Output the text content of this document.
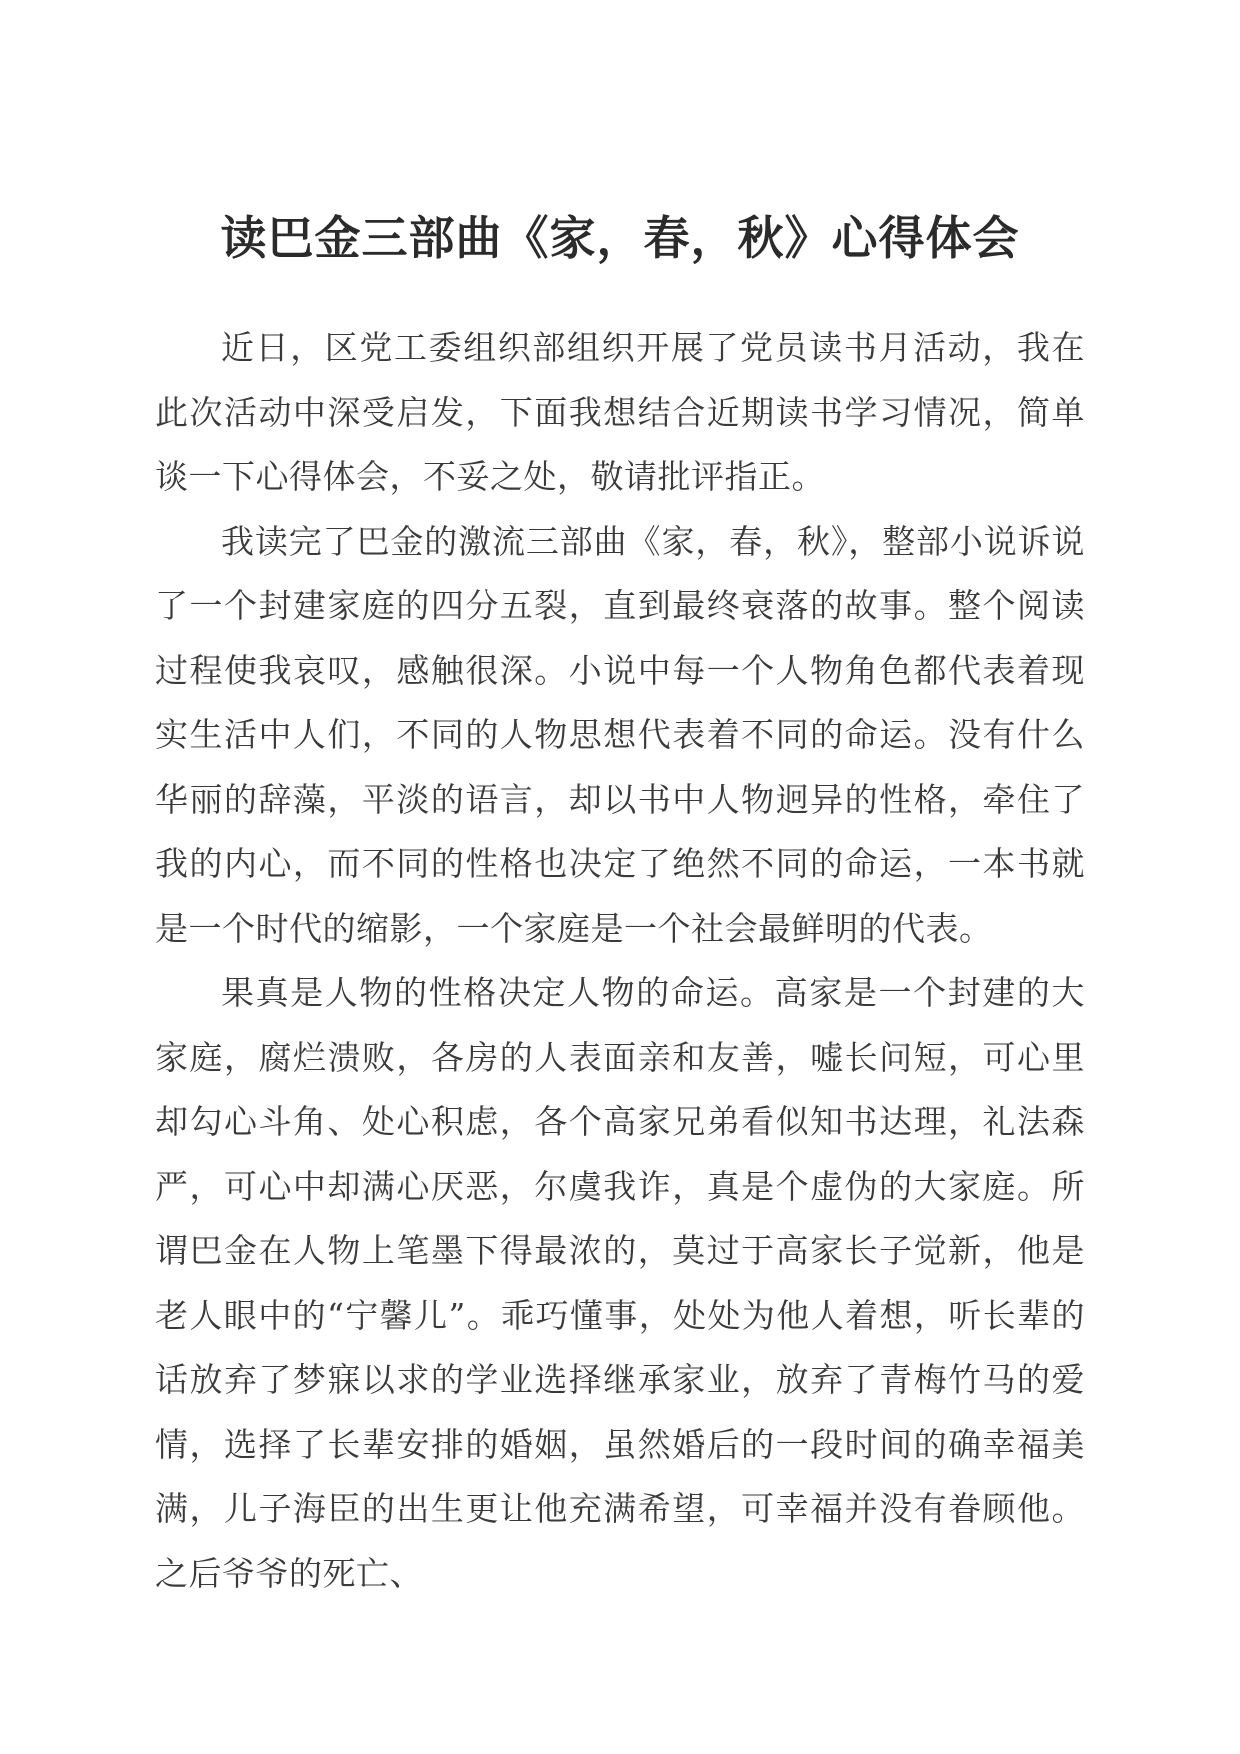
读巴金三部曲《家，春，秋》心得体会

近日，区党工委组织部组织开展了党员读书月活动，我在此次活动中深受启发，下面我想结合近期读书学习情况，简单谈一下心得体会，不妥之处，敬请批评指正。

我读完了巴金的激流三部曲《家，春，秋》，整部小说诉说了一个封建家庭的四分五裂，直到最终衰落的故事。整个阅读过程使我哀叹，感触很深。小说中每一个人物角色都代表着现实生活中人们，不同的人物思想代表着不同的命运。没有什么华丽的辞藻，平淡的语言，却以书中人物迥异的性格，牵住了我的内心，而不同的性格也决定了绝然不同的命运，一本书就是一个时代的缩影，一个家庭是一个社会最鲜明的代表。

果真是人物的性格决定人物的命运。高家是一个封建的大家庭，腐烂溃败，各房的人表面亲和友善，嘘长问短，可心里却勾心斗角、处心积虑，各个高家兄弟看似知书达理，礼法森严，可心中却满心厌恶，尔虞我诈，真是个虚伪的大家庭。所谓巴金在人物上笔墨下得最浓的，莫过于高家长子觉新，他是老人眼中的“宁馨儿”。乖巧懂事，处处为他人着想，听长辈的话放弃了梦寐以求的学业选择继承家业，放弃了青梅竹马的爱情，选择了长辈安排的婚姻，虽然婚后的一段时间的确幸福美满，儿子海臣的出生更让他充满希望，可幸福并没有眷顾他。之后爷爷的死亡、
